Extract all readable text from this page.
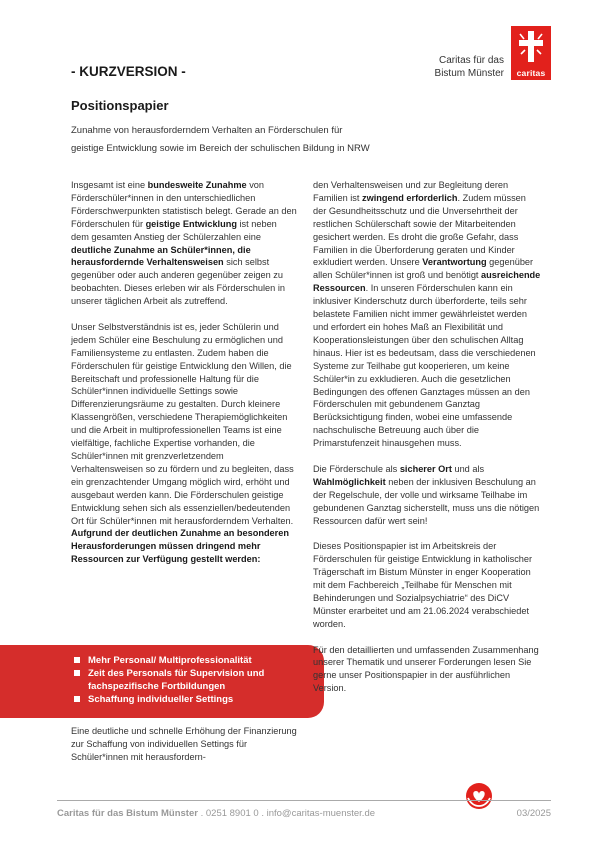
- KURZVERSION -
Caritas für das
Bistum Münster	caritas
Positionspapier
Zunahme von herausforderndem Verhalten an Förderschulen für
geistige Entwicklung sowie im Bereich der schulischen Bildung in NRW

Insgesamt ist eine bundesweite Zunahme von Förderschüler*innen in den unterschiedlichen Förderschwerpunkten statistisch belegt. Gerade an den Förderschulen für geistige Entwicklung ist neben dem gesamten Anstieg der Schülerzahlen eine deutliche Zunahme an Schüler*innen, die herausfordernde Verhaltensweisen sich selbst gegenüber oder auch anderen gegenüber zeigen zu beobachten. Dieses erleben wir als Förderschulen in unserer täglichen Arbeit als zutreffend.

Unser Selbstverständnis ist es, jeder Schülerin und jedem Schüler eine Beschulung zu ermöglichen und Familiensysteme zu entlasten. Zudem haben die Förderschulen für geistige Entwicklung den Willen, die Bereitschaft und professionelle Haltung für die Schüler*innen individuelle Settings sowie Differenzierungsräume zu gestalten. Durch kleinere Klassengrößen, verschiedene Therapiemöglichkeiten und die Arbeit in multiprofessionellen Teams ist eine vielfältige, fachliche Expertise vorhanden, die Schüler*innen mit grenzverletzendem Verhaltensweisen so zu fördern und zu begleiten, dass ein grenzachtender Umgang möglich wird, erhöht und ausgebaut werden kann. Die Förderschulen geistige Entwicklung sehen sich als essenziellen/bedeutenden Ort für Schüler*innen mit herausforderndem Verhalten. Aufgrund der deutlichen Zunahme an besonderen Herausforderungen müssen dringend mehr Ressourcen zur Verfügung gestellt werden:

Mehr Personal/ Multiprofessionalität
Zeit des Personals für Supervision und fachspezifische Fortbildungen
Schaffung individueller Settings

Eine deutliche und schnelle Erhöhung der Finanzierung zur Schaffung von individuellen Settings für Schüler*innen mit herausfordern-

den Verhaltensweisen und zur Begleitung deren Familien ist zwingend erforderlich. Zudem müssen der Gesundheitsschutz und die Unversehrtheit der restlichen Schülerschaft sowie der Mitarbeitenden gesichert werden. Es droht die große Gefahr, dass Familien in die Überforderung geraten und Kinder exkludiert werden. Unsere Verantwortung gegenüber allen Schüler*innen ist groß und benötigt ausreichende Ressourcen. In unseren Förderschulen kann ein inklusiver Kinderschutz durch überforderte, teils sehr belastete Familien nicht immer gewährleistet werden und erfordert ein hohes Maß an Flexibilität und Kooperationsleistungen über den schulischen Alltag hinaus. Hier ist es bedeutsam, dass die verschiedenen Systeme zur Teilhabe gut kooperieren, um keine Schüler*in zu exkludieren. Auch die gesetzlichen Bedingungen des offenen Ganztages müssen an den Förderschulen mit gebundenem Ganztag Berücksichtigung finden, wobei eine umfassende nachschulische Betreuung auch über die Primarstufenzeit hinausgehen muss.

Die Förderschule als sicherer Ort und als Wahlmöglichkeit neben der inklusiven Beschulung an der Regelschule, der volle und wirksame Teilhabe im gebundenen Ganztag sicherstellt, muss uns die nötigen Ressourcen dafür wert sein!

Dieses Positionspapier ist im Arbeitskreis der Förderschulen für geistige Entwicklung in katholischer Trägerschaft im Bistum Münster in enger Kooperation mit dem Fachbereich „Teilhabe für Menschen mit Behinderungen und Sozialpsychiatrie“ des DiCV Münster erarbeitet und am 21.06.2024 verabschiedet worden.

Für den detaillierten und umfassenden Zusammenhang unserer Thematik und unserer Forderungen lesen Sie gerne unser Positionspapier in der ausführlichen Version.

Caritas für das Bistum Münster . 0251 8901 0 . info@caritas-muenster.de	03/2025
